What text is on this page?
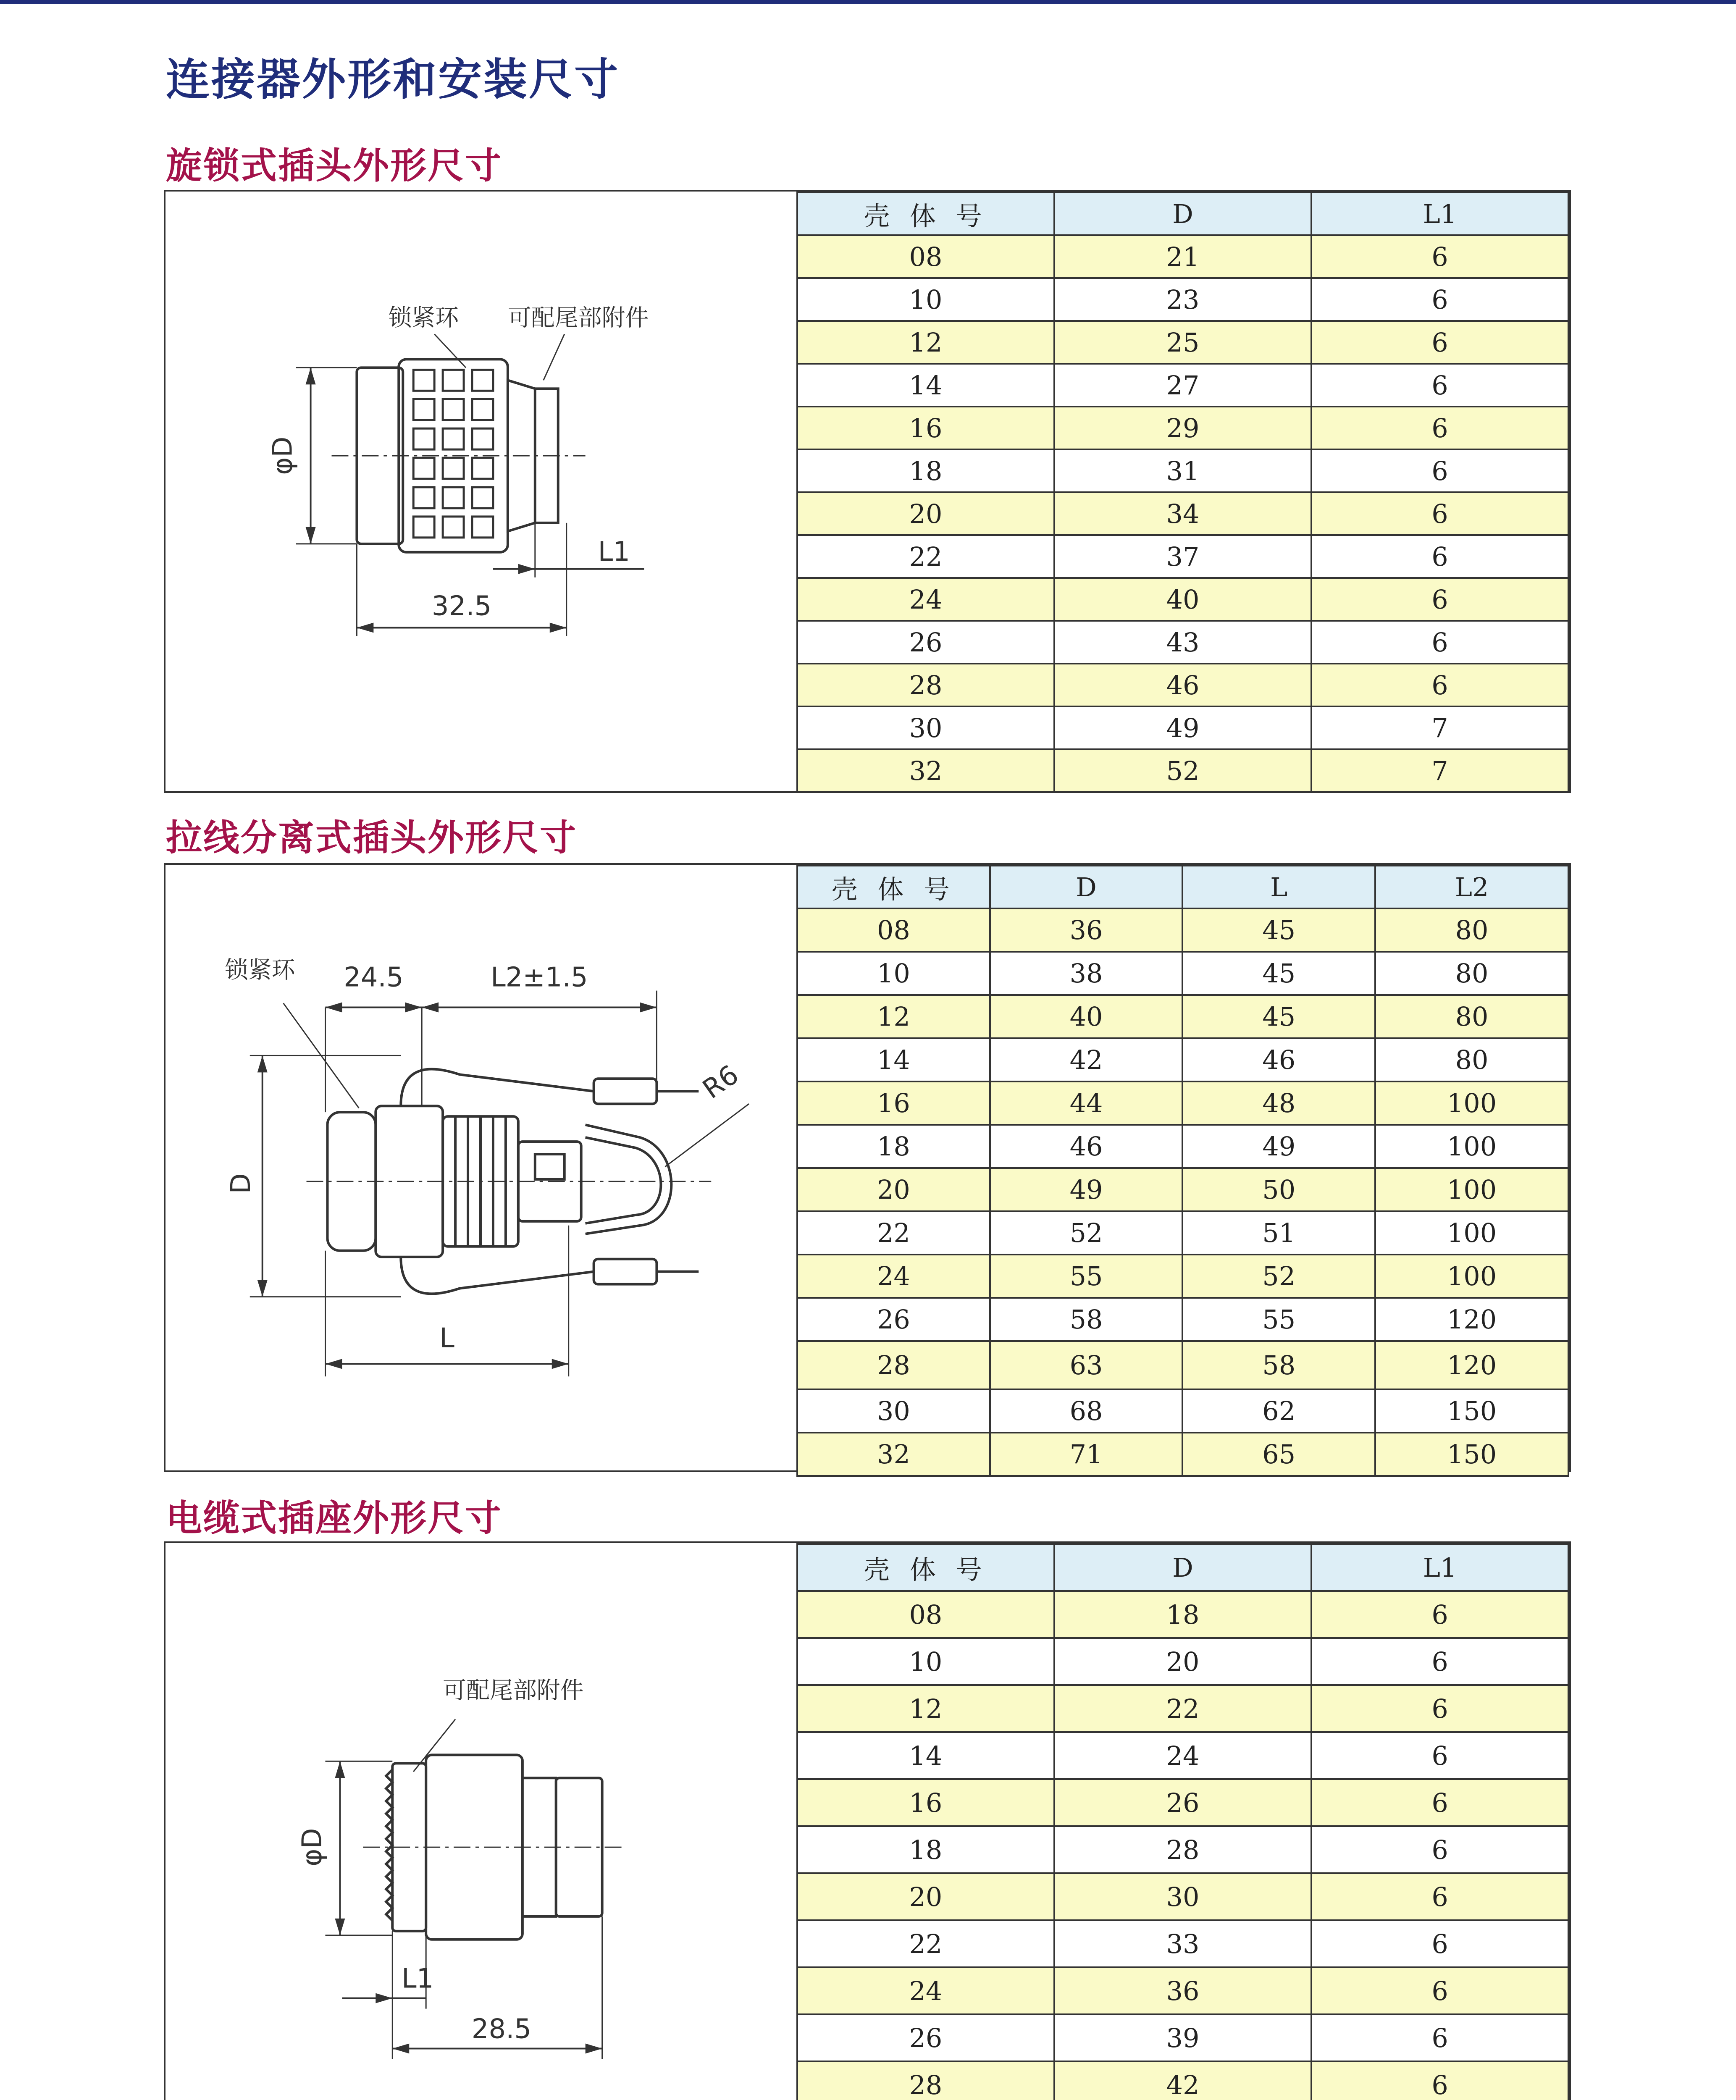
连接器外形和安装尺寸
旋锁式插头外形尺寸
锁紧环 可配尾部附件
φD
L1
32.5
壳 体 号	D	L1
08	21	6
10	23	6
12	25	6
14	27	6
16	29	6
18	31	6
20	34	6
22	37	6
24	40	6
26	43	6
28	46	6
30	49	7
32	52	7
拉线分离式插头外形尺寸
锁紧环 24.5	L2±1.5
R6
D
L
壳 体 号	D	L	L2
08	36	45	80
10	38	45	80
12	40	45	80
14	42	46	80
16	44	48	100
18	46	49	100
20	49	50	100
22	52	51	100
24	55	52	100
26	58	55	120
28	63	58	120
30	68	62	150
32	71	65	150
电缆式插座外形尺寸
可配尾部附件
φD
L1
28.5
壳 体 号	D	L1
08	18	6
10	20	6
12	22	6
14	24	6
16	26	6
18	28	6
20	30	6
22	33	6
24	36	6
26	39	6
28	42	6
